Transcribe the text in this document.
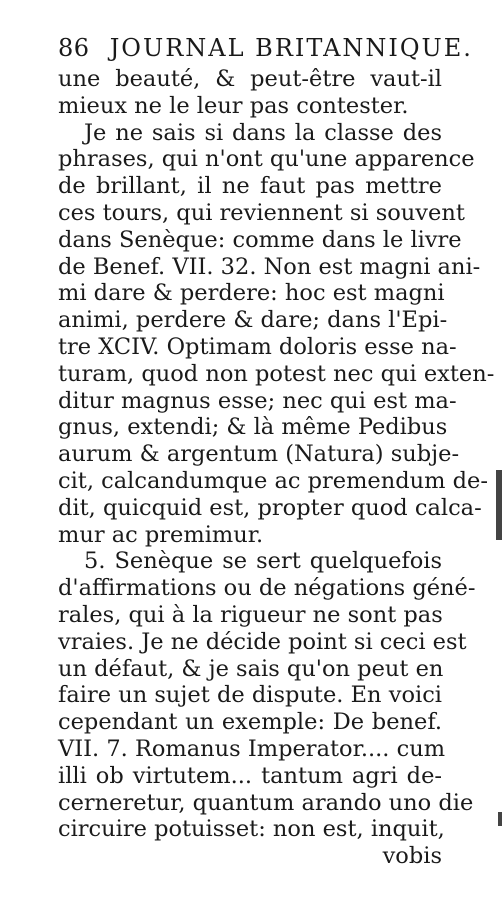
86 JOURNAL BRITANNIQUE.
une beauté, & peut-être vaut-il
mieux ne le leur pas contester.
Je ne sais si dans la classe des
phrases, qui n'ont qu'une apparence
de brillant, il ne faut pas mettre
ces tours, qui reviennent si souvent
dans Senèque: comme dans le livre
de Benef. VII. 32. Non est magni ani-
mi dare & perdere: hoc est magni
animi, perdere & dare; dans l'Epi-
tre XCIV. Optimam doloris esse na-
turam, quod non potest nec qui exten-
ditur magnus esse; nec qui est ma-
gnus, extendi; & là même Pedibus
aurum & argentum (Natura) subje-
cit, calcandumque ac premendum de-
dit, quicquid est, propter quod calca-
mur ac premimur.
5. Senèque se sert quelquefois
d'affirmations ou de négations géné-
rales, qui à la rigueur ne sont pas
vraies. Je ne décide point si ceci est
un défaut, & je sais qu'on peut en
faire un sujet de dispute. En voici
cependant un exemple: De benef.
VII. 7. Romanus Imperator.... cum
illi ob virtutem... tantum agri de-
cerneretur, quantum arando uno die
circuire potuisset: non est, inquit,
vobis
